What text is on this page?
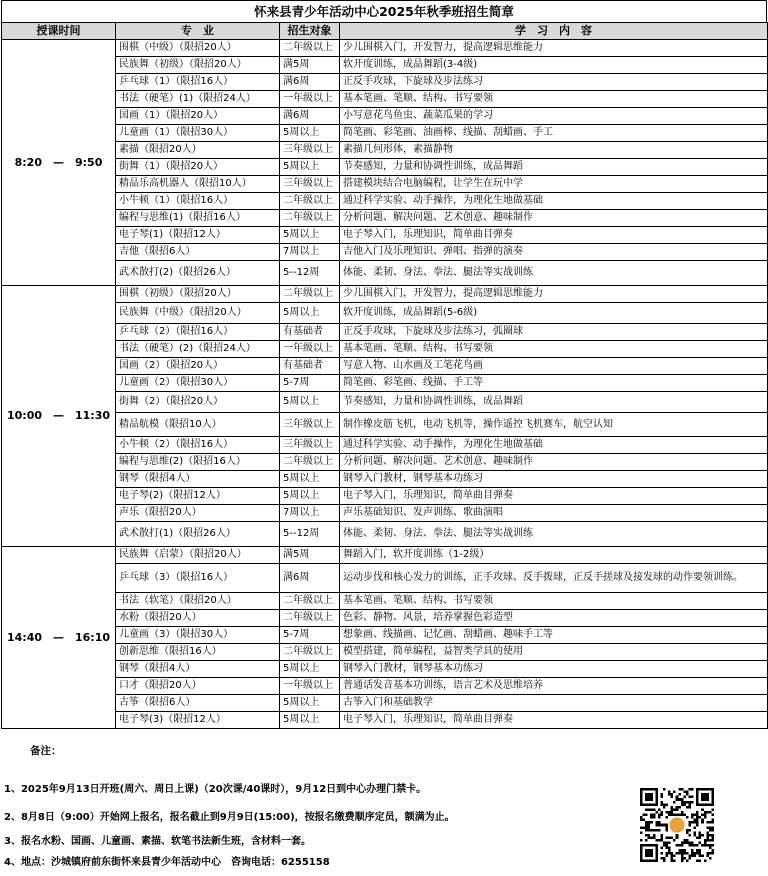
怀来县青少年活动中心2025年秋季班招生简章
授课时间	专　业	招生对象	学　习　内　容
8:20　—　9:50	围棋（中级）（限招20人）	二年级以上	少儿围棋入门，开发智力，提高逻辑思维能力
	民族舞（初级）（限招20人）	满5周	软开度训练，成品舞蹈(3-4级)
	乒乓球（1）（限招16人）	满6周	正反手攻球，下旋球及步法练习
	书法（硬笔）(1)（限招24人）	一年级以上	基本笔画、笔顺、结构、书写要领
	国画（1）（限招20人）	满6周	小写意花鸟鱼虫、蔬菜瓜果的学习
	儿童画（1）（限招30人）	5周以上	简笔画、彩笔画、油画棒、线描、刮蜡画、手工
	素描（限招20人）	三年级以上	素描几何形体，素描静物
	街舞（1）（限招20人）	5周以上	节奏感知，力量和协调性训练，成品舞蹈
	精品乐高机器人（限招10人）	三年级以上	搭建模块结合电脑编程，让学生在玩中学
	小牛顿（1）（限招16人）	二年级以上	通过科学实验、动手操作，为理化生地做基础
	编程与思维(1)（限招16人）	二年级以上	分析问题、解决问题、艺术创意、趣味制作
	电子琴(1)（限招12人）	5周以上	电子琴入门，乐理知识，简单曲目弹奏
	吉他（限招6人）	7周以上	吉他入门及乐理知识、弹唱、指弹的演奏
	武术散打(2)（限招26人）	5--12周	体能、柔韧、身法、拳法、腿法等实战训练
10:00　—　11:30	围棋（初级）（限招20人）	二年级以上	少儿围棋入门，开发智力，提高逻辑思维能力
	民族舞（中级）（限招20人）	5周以上	软开度训练，成品舞蹈(5-6级)
	乒乓球（2）（限招16人）	有基础者	正反手攻球，下旋球及步法练习，弧圈球
	书法（硬笔）(2)（限招24人）	一年级以上	基本笔画、笔顺、结构、书写要领
	国画（2）（限招20人）	有基础者	写意人物、山水画及工笔花鸟画
	儿童画（2）（限招30人）	5-7周	简笔画、彩笔画、线描、手工等
	街舞（2）（限招20人）	5周以上	节奏感知，力量和协调性训练，成品舞蹈
	精品航模（限招10人）	三年级以上	制作橡皮筋飞机，电动飞机等，操作遥控飞机赛车，航空认知
	小牛顿（2）（限招16人）	三年级以上	通过科学实验、动手操作，为理化生地做基础
	编程与思维(2)（限招16人）	二年级以上	分析问题、解决问题、艺术创意、趣味制作
	钢琴（限招4人）	5周以上	钢琴入门教材，钢琴基本功练习
	电子琴(2)（限招12人）	5周以上	电子琴入门，乐理知识，简单曲目弹奏
	声乐（限招20人）	7周以上	声乐基础知识、发声训练、歌曲演唱
	武术散打(1)（限招26人）	5--12周	体能、柔韧、身法、拳法、腿法等实战训练
14:40　—　16:10	民族舞（启蒙）（限招20人）	满5周	舞蹈入门，软开度训练（1-2级）
	乒乓球（3）（限招16人）	满6周	运动步伐和核心发力的训练，正手攻球、反手拨球，正反手搓球及接发球的动作要领训练。
	书法（软笔）（限招20人）	二年级以上	基本笔画、笔顺、结构、书写要领
	水粉（限招20人）	二年级以上	色彩、静物、风景，培养掌握色彩造型
	儿童画（3）（限招30人）	5-7周	想象画、线描画、记忆画、刮蜡画、趣味手工等
	创新思维（限招16人）	二年级以上	模型搭建，简单编程，益智类学具的使用
	钢琴（限招4人）	5周以上	钢琴入门教材，钢琴基本功练习
	口才（限招20人）	一年级以上	普通话发音基本功训练，语言艺术及思维培养
	古筝（限招6人）	5周以上	古筝入门和基础教学
	电子琴(3)（限招12人）	5周以上	电子琴入门，乐理知识，简单曲目弹奏
备注：
1、2025年9月13日开班(周六、周日上课)（20次课/40课时），9月12日到中心办理门禁卡。
2、8月8日（9:00）开始网上报名，报名截止到9月9日(15:00)，按报名缴费顺序定员，额满为止。
3、报名水粉、国画、儿童画、素描、软笔书法新生班，含材料一套。
4、地点：沙城镇府前东街怀来县青少年活动中心　咨询电话：6255158
